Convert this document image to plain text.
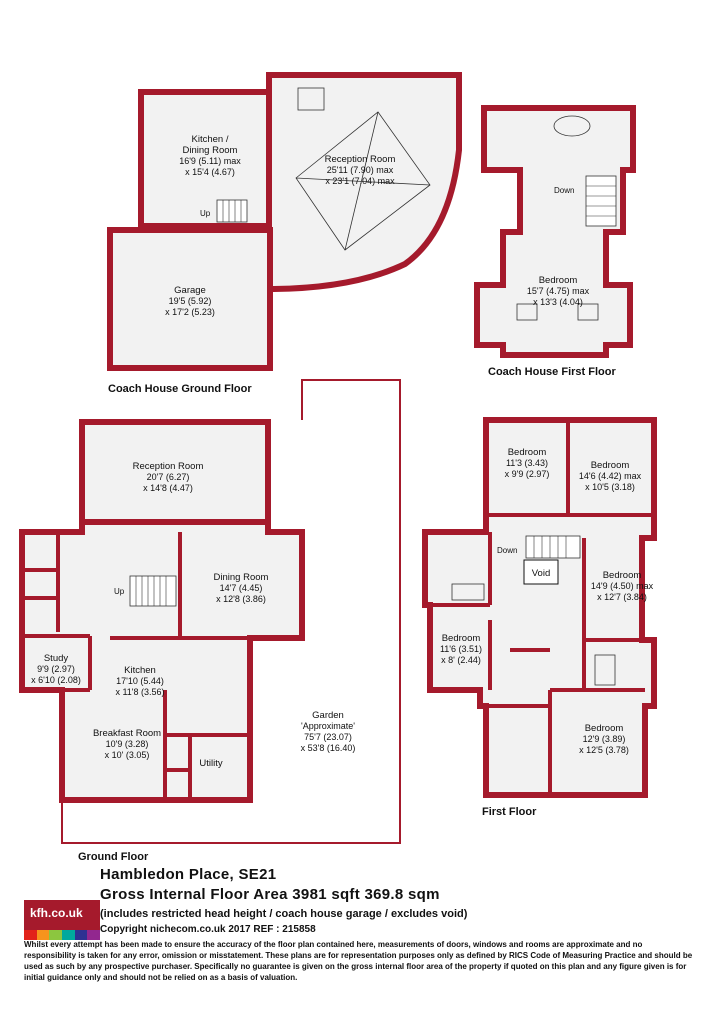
Kitchen /
Dining Room
16'9 (5.11) max
x 15'4 (4.67)
Up
Reception Room
25'11 (7.90) max
x 23'1 (7.04) max
Garage
19'5 (5.92)
x 17'2 (5.23)
Coach House Ground Floor
Down
Bedroom
15'7 (4.75) max
x 13'3 (4.04)
Coach House First Floor
Reception Room
20'7 (6.27)
x 14'8 (4.47)
Dining Room
14'7 (4.45)
x 12'8 (3.86)
Up
Study
9'9 (2.97)
x 6'10 (2.08)
Kitchen
17'10 (5.44)
x 11'8 (3.56)
Breakfast Room
10'9 (3.28)
x 10' (3.05)
Utility
Garden
'Approximate'
75'7 (23.07)
x 53'8 (16.40)
Ground Floor
Bedroom
11'3 (3.43)
x 9'9 (2.97)
Bedroom
14'6 (4.42) max
x 10'5 (3.18)
Down
Void	Bedroom
14'9 (4.50) max
x 12'7 (3.84)
Bedroom
11'6 (3.51)
x 8' (2.44)
Bedroom
12'9 (3.89)
x 12'5 (3.78)
First Floor
Hambledon Place, SE21
Gross Internal Floor Area 3981 sqft 369.8 sqm
kfh.co.uk (includes restricted head height / coach house garage / excludes void)
Copyright nichecom.co.uk 2017 REF : 215858
Whilst every attempt has been made to ensure the accuracy of the floor plan contained here, measurements of doors, windows and rooms are approximate and no responsibility is taken for any error, omission or misstatement. These plans are for representation purposes only as defined by RICS Code of Measuring Practice and should be used as such by any prospective purchaser. Specifically no guarantee is given on the gross internal floor area of the property if quoted on this plan and any figure given is for initial guidance only and should not be relied on as a basis of valuation.
